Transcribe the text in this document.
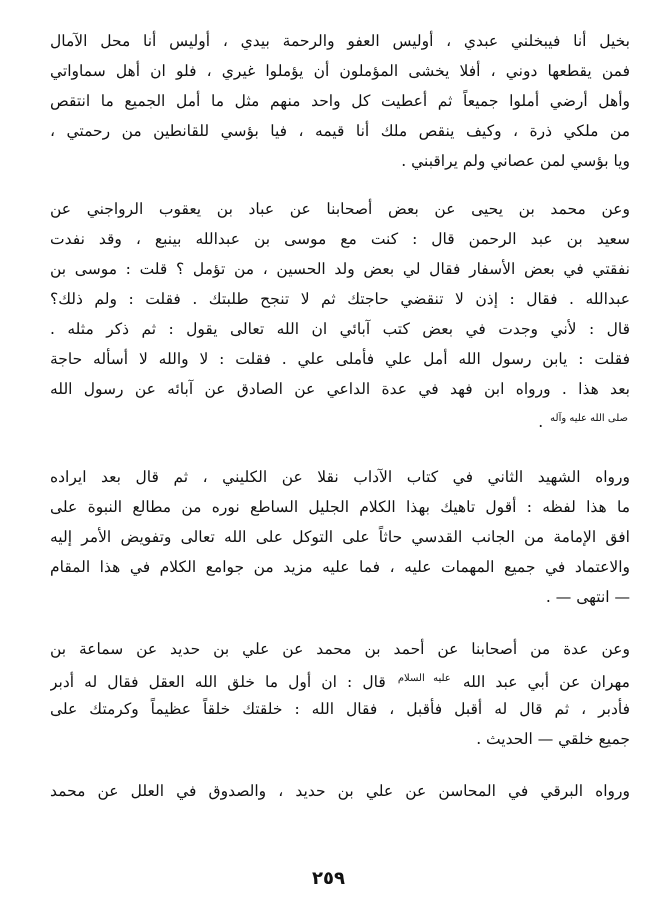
بخيل أنا فيبخلني عبدي ، أوليس العفو والرحمة بيدي ، أوليس أنا محل الآمال
فمن يقطعها دوني ، أفلا يخشى المؤملون أن يؤملوا غيري ، فلو ان أهل سماواتي
وأهل أرضي أملوا جميعاً ثم أعطيت كل واحد منهم مثل ما أمل الجميع ما انتقص
من ملكي ذرة ، وكيف ينقص ملك أنا قيمه ، فيا بؤسي للقانطين من رحمتي ،
ويا بؤسي لمن عصاني ولم يراقبني .
وعن محمد بن يحيى عن بعض أصحابنا عن عباد بن يعقوب الرواجني عن
سعيد بن عبد الرحمن قال : كنت مع موسى بن عبدالله بينبع ، وقد نفدت
نفقتي في بعض الأسفار فقال لي بعض ولد الحسين ، من تؤمل ؟ قلت : موسى بن
عبدالله . فقال : إذن لا تنقضي حاجتك ثم لا تنجح طلبتك . فقلت : ولم ذلك؟
قال : لأني وجدت في بعض كتب آبائي ان الله تعالى يقول : ثم ذكر مثله .
فقلت : يابن رسول الله أمل علي فأملى علي . فقلت : لا والله لا أسأله حاجة
بعد هذا . ورواه ابن فهد في عدة الداعي عن الصادق عن آبائه عن رسول الله
$^{صلى الله عليه وآله}$ .
ورواه الشهيد الثاني في كتاب الآداب نقلا عن الكليني ، ثم قال بعد ايراده
ما هذا لفظه : أقول تاهيك بهذا الكلام الجليل الساطع نوره من مطالع النبوة على
افق الإمامة من الجانب القدسي حاثاً على التوكل على الله تعالى وتفويض الأمر إليه
والاعتماد في جميع المهمات عليه ، فما عليه مزيد من جوامع الكلام في هذا المقام
— انتهى — .
وعن عدة من أصحابنا عن أحمد بن محمد عن علي بن حديد عن سماعة بن
مهران عن أبي عبد الله $^{عليه السلام}$ قال : ان أول ما خلق الله العقل فقال له أدبر
فأدبر ، ثم قال له أقبل فأقبل ، فقال الله : خلقتك خلقاً عظيماً وكرمتك على
جميع خلقي — الحديث .
ورواه البرقي في المحاسن عن علي بن حديد ، والصدوق في العلل عن محمد
٢٥٩
